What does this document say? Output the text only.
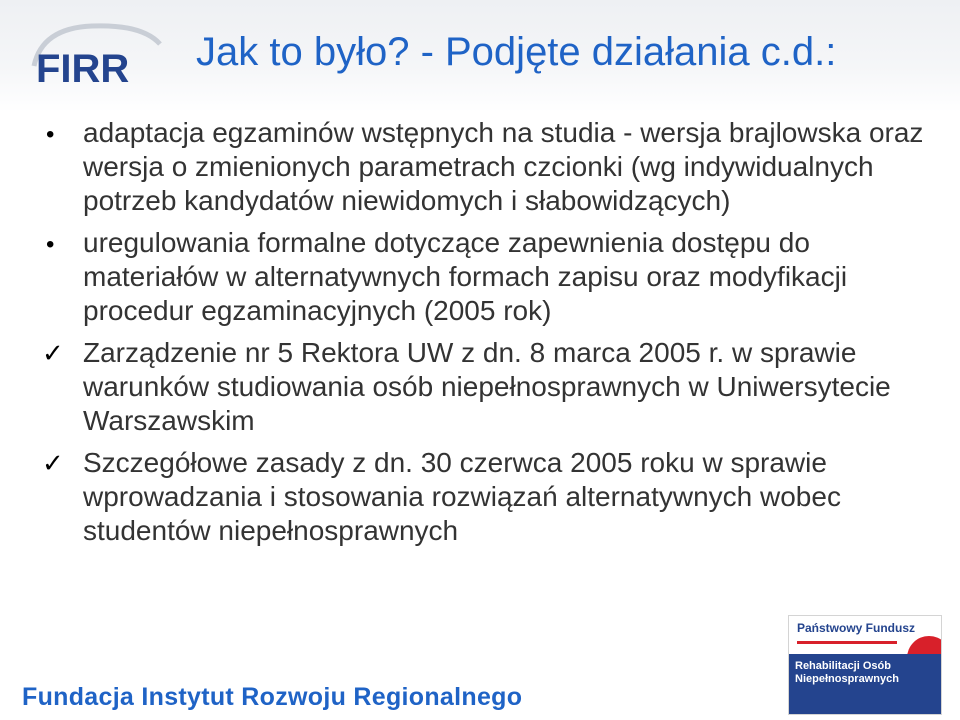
FIRR Jak to było? - Podjęte działania c.d.:
•	adaptacja egzaminów wstępnych na studia - wersja brajlowska oraz wersja o zmienionych parametrach czcionki (wg indywidualnych potrzeb kandydatów niewidomych i słabowidzących)
•	uregulowania formalne dotyczące zapewnienia dostępu do materiałów w alternatywnych formach zapisu oraz modyfikacji procedur egzaminacyjnych (2005 rok)
✓ Zarządzenie nr 5 Rektora UW z dn. 8 marca 2005 r. w sprawie warunków studiowania osób niepełnosprawnych w Uniwersytecie Warszawskim
✓ Szczegółowe zasady z dn. 30 czerwca 2005 roku w sprawie wprowadzania i stosowania rozwiązań alternatywnych wobec studentów niepełnosprawnych
Fundacja Instytut Rozwoju Regionalnego
Państwowy Fundusz
Rehabilitacji Osób Niepełnosprawnych
